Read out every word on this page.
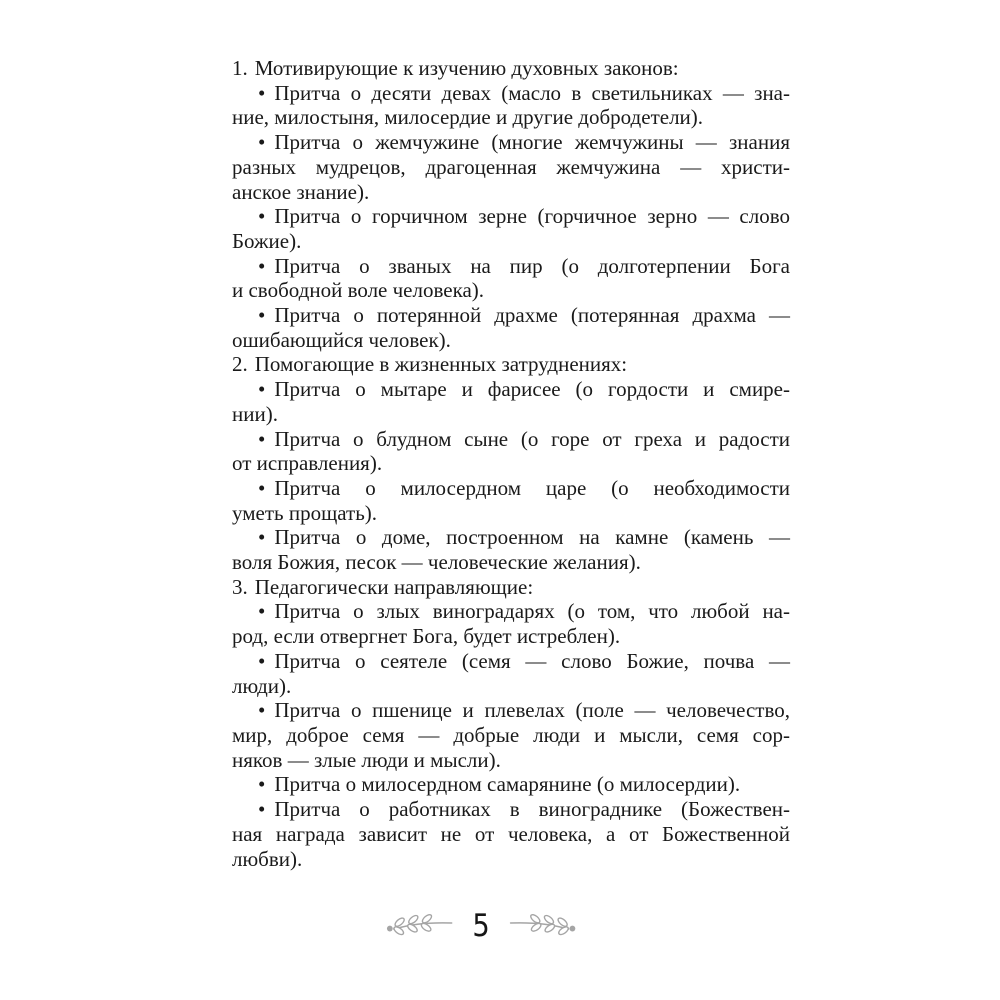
1. Мотивирующие к изучению духовных законов:
• Притча о десяти девах (масло в светильниках — зна-
ние, милостыня, милосердие и другие добродетели).
• Притча о жемчужине (многие жемчужины — знания
разных мудрецов, драгоценная жемчужина — христи-
анское знание).
• Притча о горчичном зерне (горчичное зерно — слово
Божие).
• Притча о званых на пир (о долготерпении Бога
и свободной воле человека).
• Притча о потерянной драхме (потерянная драхма —
ошибающийся человек).
2. Помогающие в жизненных затруднениях:
• Притча о мытаре и фарисее (о гордости и смире-
нии).
• Притча о блудном сыне (о горе от греха и радости
от исправления).
• Притча о милосердном царе (о необходимости
уметь прощать).
• Притча о доме, построенном на камне (камень —
воля Божия, песок — человеческие желания).
3. Педагогически направляющие:
• Притча о злых виноградарях (о том, что любой на-
род, если отвергнет Бога, будет истреблен).
• Притча о сеятеле (семя — слово Божие, почва —
люди).
• Притча о пшенице и плевелах (поле — человечество,
мир, доброе семя — добрые люди и мысли, семя сор-
няков — злые люди и мысли).
• Притча о милосердном самарянине (о милосердии).
• Притча о работниках в винограднике (Божествен-
ная награда зависит не от человека, а от Божественной
любви).
5
